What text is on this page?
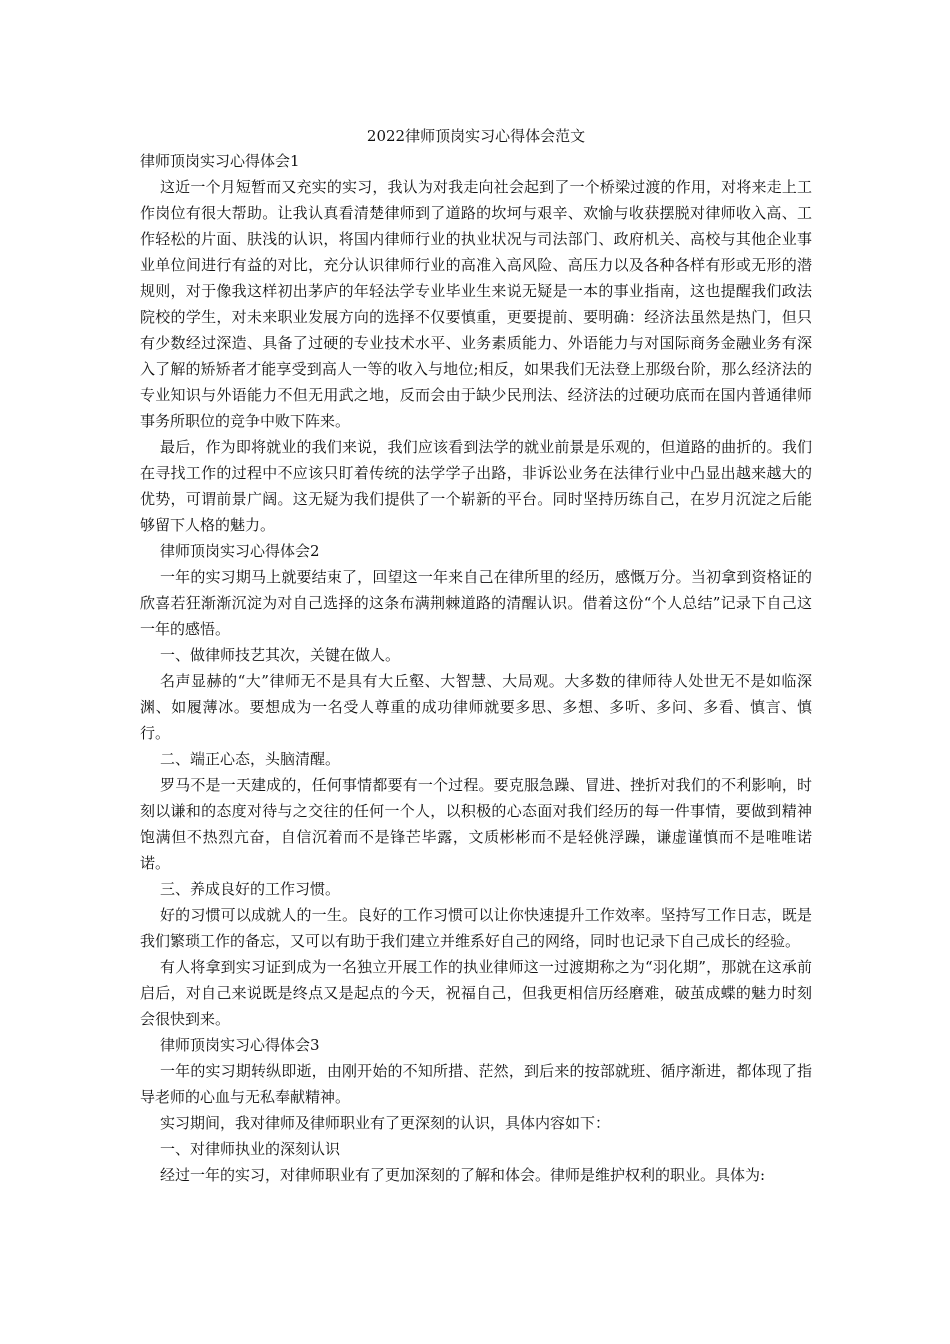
2022律师顶岗实习心得体会范文

律师顶岗实习心得体会1

这近一个月短暂而又充实的实习，我认为对我走向社会起到了一个桥梁过渡的作用，对将来走上工作岗位有很大帮助。让我认真看清楚律师到了道路的坎坷与艰辛、欢愉与收获摆脱对律师收入高、工作轻松的片面、肤浅的认识，将国内律师行业的执业状况与司法部门、政府机关、高校与其他企业事业单位间进行有益的对比，充分认识律师行业的高准入高风险、高压力以及各种各样有形或无形的潜规则，对于像我这样初出茅庐的年轻法学专业毕业生来说无疑是一本的事业指南，这也提醒我们政法院校的学生，对未来职业发展方向的选择不仅要慎重，更要提前、要明确：经济法虽然是热门，但只有少数经过深造、具备了过硬的专业技术水平、业务素质能力、外语能力与对国际商务金融业务有深入了解的矫矫者才能享受到高人一等的收入与地位;相反，如果我们无法登上那级台阶，那么经济法的专业知识与外语能力不但无用武之地，反而会由于缺少民刑法、经济法的过硬功底而在国内普通律师事务所职位的竞争中败下阵来。

最后，作为即将就业的我们来说，我们应该看到法学的就业前景是乐观的，但道路的曲折的。我们在寻找工作的过程中不应该只盯着传统的法学学子出路，非诉讼业务在法律行业中凸显出越来越大的优势，可谓前景广阔。这无疑为我们提供了一个崭新的平台。同时坚持历练自己，在岁月沉淀之后能够留下人格的魅力。

律师顶岗实习心得体会2

一年的实习期马上就要结束了，回望这一年来自己在律所里的经历，感慨万分。当初拿到资格证的欣喜若狂渐渐沉淀为对自己选择的这条布满荆棘道路的清醒认识。借着这份“个人总结”记录下自己这一年的感悟。

一、做律师技艺其次，关键在做人。

名声显赫的“大”律师无不是具有大丘壑、大智慧、大局观。大多数的律师待人处世无不是如临深渊、如履薄冰。要想成为一名受人尊重的成功律师就要多思、多想、多听、多问、多看、慎言、慎行。

二、端正心态，头脑清醒。

罗马不是一天建成的，任何事情都要有一个过程。要克服急躁、冒进、挫折对我们的不利影响，时刻以谦和的态度对待与之交往的任何一个人，以积极的心态面对我们经历的每一件事情，要做到精神饱满但不热烈亢奋，自信沉着而不是锋芒毕露，文质彬彬而不是轻佻浮躁，谦虚谨慎而不是唯唯诺诺。

三、养成良好的工作习惯。

好的习惯可以成就人的一生。良好的工作习惯可以让你快速提升工作效率。坚持写工作日志，既是我们繁琐工作的备忘，又可以有助于我们建立并维系好自己的网络，同时也记录下自己成长的经验。

有人将拿到实习证到成为一名独立开展工作的执业律师这一过渡期称之为“羽化期”，那就在这承前启后，对自己来说既是终点又是起点的今天，祝福自己，但我更相信历经磨难，破茧成蝶的魅力时刻会很快到来。

律师顶岗实习心得体会3

一年的实习期转纵即逝，由刚开始的不知所措、茫然，到后来的按部就班、循序渐进，都体现了指导老师的心血与无私奉献精神。

实习期间，我对律师及律师职业有了更深刻的认识，具体内容如下：

一、对律师执业的深刻认识

经过一年的实习，对律师职业有了更加深刻的了解和体会。律师是维护权利的职业。具体为:
